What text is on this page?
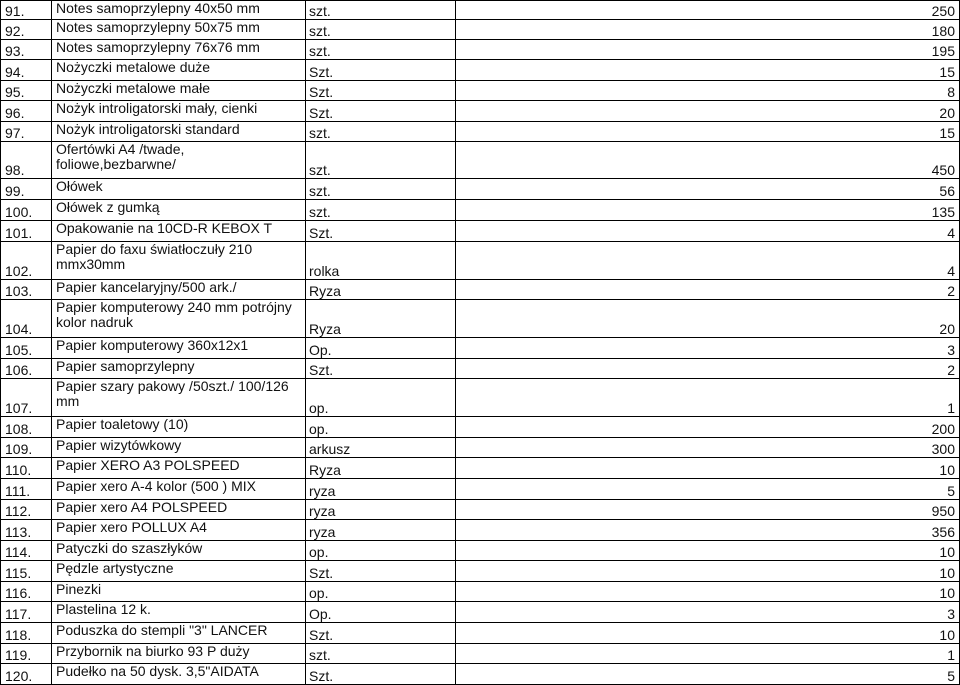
91.	Notes samoprzylepny 40x50 mm	szt.	250
92.	Notes samoprzylepny 50x75 mm	szt.	180
93.	Notes samoprzylepny 76x76 mm	szt.	195
94.	Nożyczki metalowe duże	Szt.	15
95.	Nożyczki metalowe małe	Szt.	8
96.	Nożyk introligatorski mały, cienki	Szt.	20
97.	Nożyk introligatorski standard	szt.	15
98.	Ofertówki A4 /twade, foliowe,bezbarwne/	szt.	450
99.	Ołówek	szt.	56
100.	Ołówek z gumką	szt.	135
101.	Opakowanie na 10CD-R KEBOX T	Szt.	4
102.	Papier do faxu światłoczuły 210 mmx30mm	rolka	4
103.	Papier kancelaryjny/500 ark./	Ryza	2
104.	Papier komputerowy 240 mm potrójny kolor nadruk	Ryza	20
105.	Papier komputerowy 360x12x1	Op.	3
106.	Papier samoprzylepny	Szt.	2
107.	Papier szary pakowy /50szt./ 100/126 mm	op.	1
108.	Papier toaletowy (10)	op.	200
109.	Papier wizytówkowy	arkusz	300
110.	Papier XERO A3 POLSPEED	Ryza	10
111.	Papier xero A-4 kolor (500 ) MIX	ryza	5
112.	Papier xero A4 POLSPEED	ryza	950
113.	Papier xero POLLUX A4	ryza	356
114.	Patyczki do szaszłyków	op.	10
115.	Pędzle artystyczne	Szt.	10
116.	Pinezki	op.	10
117.	Plastelina 12 k.	Op.	3
118.	Poduszka do stempli "3" LANCER	Szt.	10
119.	Przybornik na biurko 93 P duży	szt.	1
120.	Pudełko na 50 dysk. 3,5"AIDATA	Szt.	5
